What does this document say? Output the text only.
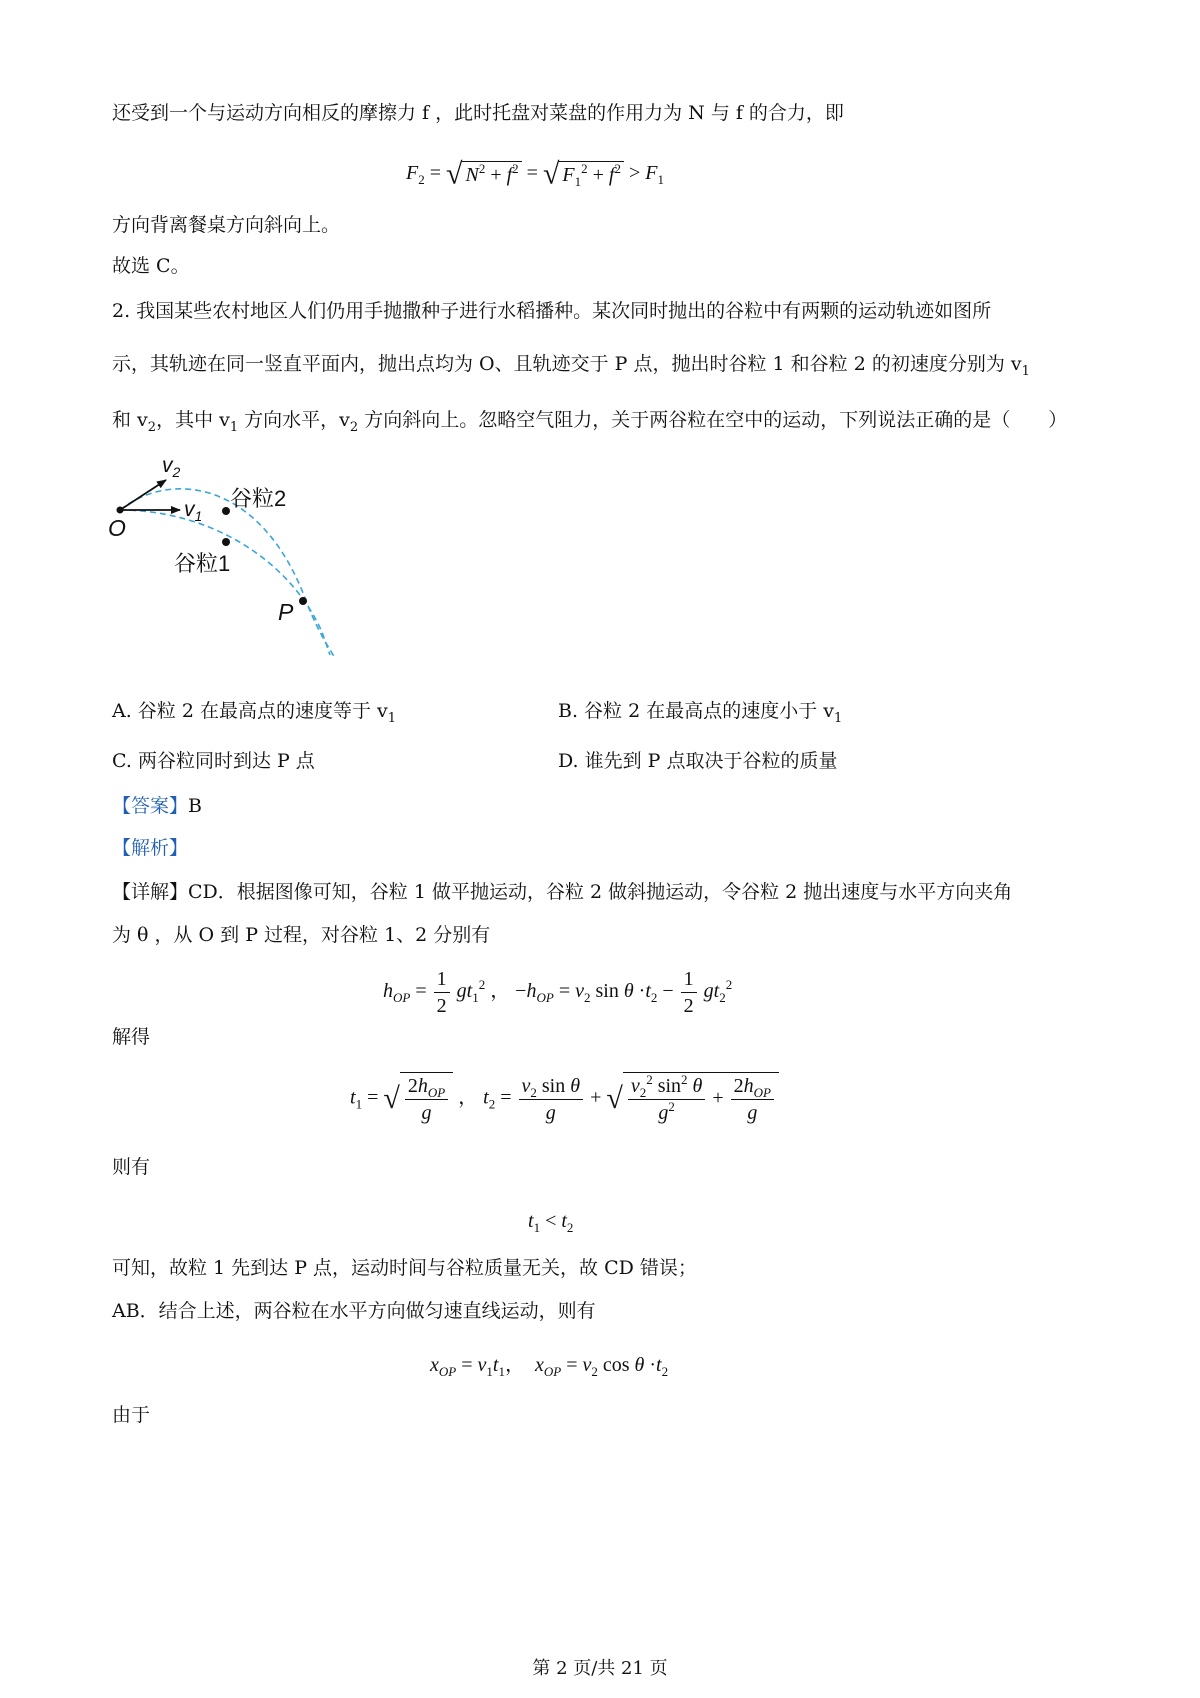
还受到一个与运动方向相反的摩擦力 f ，此时托盘对菜盘的作用力为 N 与 f 的合力，即
$F_2$ = √ $N^2 + f^2$ = √ $F_1^2 + f^2 > F_1$
方向背离餐桌方向斜向上。
故选 C。
2. 我国某些农村地区人们仍用手抛撒种子进行水稻播种。某次同时抛出的谷粒中有两颗的运动轨迹如图所
示，其轨迹在同一竖直平面内，抛出点均为 O、且轨迹交于 P 点，抛出时谷粒 1 和谷粒 2 的初速度分别为 $v_1$
和 $v_2$，其中 $v_1$ 方向水平，$v_2$ 方向斜向上。忽略空气阻力，关于两谷粒在空中的运动，下列说法正确的是（　　）
$v_2$
$v_1$
O
谷粒2
谷粒1
P
A. 谷粒 2 在最高点的速度等于 $v_1$	B. 谷粒 2 在最高点的速度小于 $v_1$
C. 两谷粒同时到达 P 点	D. 谁先到 P 点取决于谷粒的质量
【答案】B
【解析】
【详解】CD．根据图像可知，谷粒 1 做平抛运动，谷粒 2 做斜抛运动，令谷粒 2 抛出速度与水平方向夹角
为 θ ，从 O 到 P 过程，对谷粒 1、2 分别有
$h_{OP} = \frac{1}{2} gt_1^2$ ， $-h_{OP} = v_2$ $\sin \theta \cdot t_2 - \frac{1}{2} gt_2^2$
解得
$t_1$ = √ $\frac{2h_{OP}}{g}$ ， $t_2 = \frac{v_2 \sin \theta}{g}$ + √ $\frac{v_2^2 \sin^2 \theta}{g^2} + \frac{2h_{OP}}{g}$
则有
$t_1 < t_2$
可知，故粒 1 先到达 P 点，运动时间与谷粒质量无关，故 CD 错误；
AB．结合上述，两谷粒在水平方向做匀速直线运动，则有
$x_{OP} = v_1t_1$，  $x_{OP} = v_2$ $\cos \theta \cdot t_2$
由于
第 2 页/共 21 页
